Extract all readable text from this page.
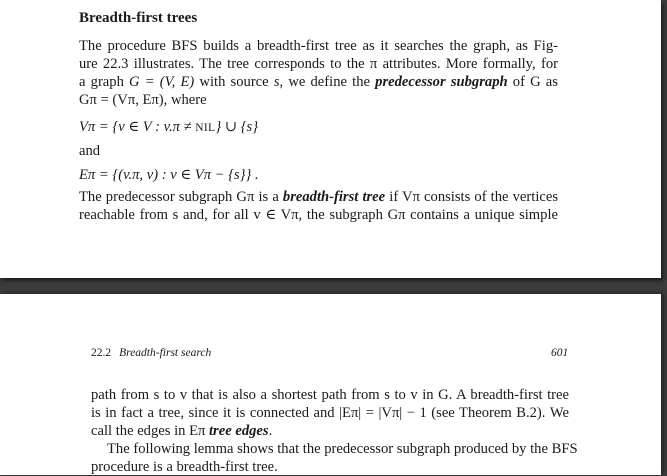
Breadth-first trees
The procedure BFS builds a breadth-first tree as it searches the graph, as Fig-
ure 22.3 illustrates. The tree corresponds to the π attributes. More formally, for
a graph G = (V, E) with source s, we define the predecessor subgraph of G as
Gπ = (Vπ, Eπ), where
Vπ = {v ∈ V : v.π ≠ NIL} ∪ {s}
and
Eπ = {(v.π, v) : v ∈ Vπ − {s}} .
The predecessor subgraph Gπ is a breadth-first tree if Vπ consists of the vertices
reachable from s and, for all v ∈ Vπ, the subgraph Gπ contains a unique simple
22.2 Breadth-first search	601
path from s to v that is also a shortest path from s to v in G. A breadth-first tree
is in fact a tree, since it is connected and |Eπ| = |Vπ| − 1 (see Theorem B.2). We
call the edges in Eπ tree edges.
The following lemma shows that the predecessor subgraph produced by the BFS
procedure is a breadth-first tree.
